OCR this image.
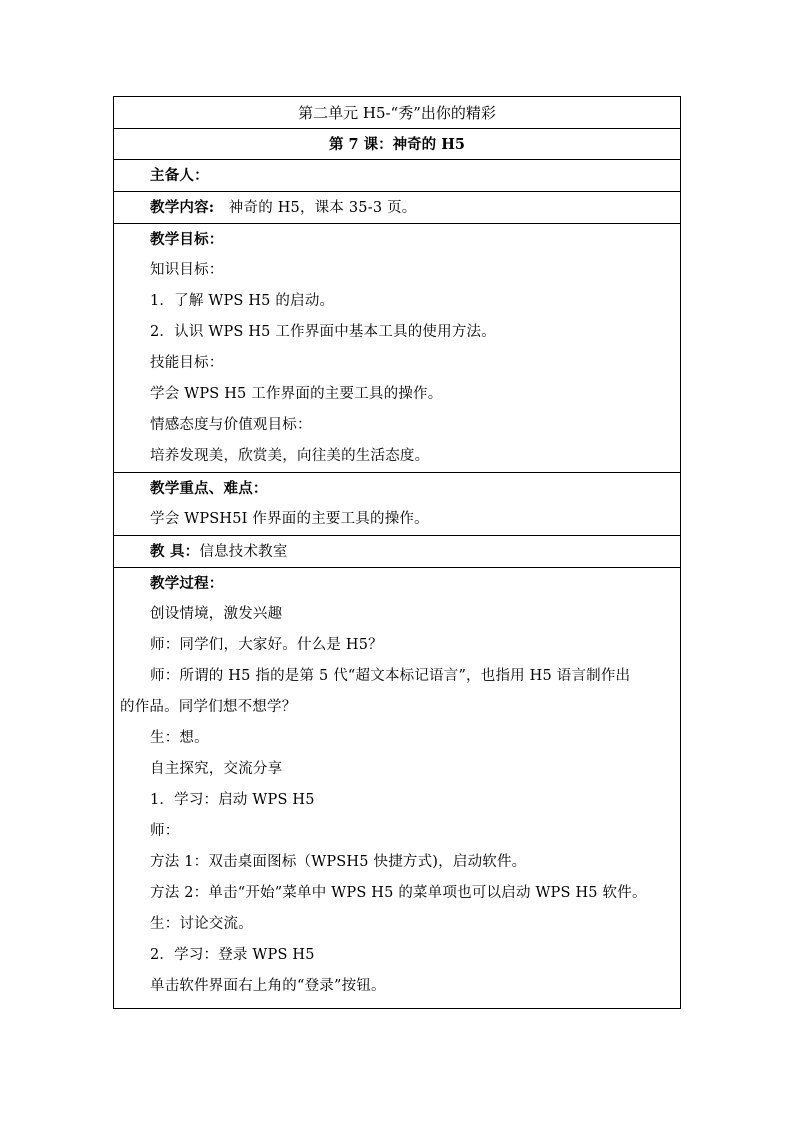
第二单元 H5-“秀”出你的精彩
第 7 课：神奇的 H5
主备人：
教学内容: 神奇的 H5，课本 35-3 页。
教学目标：
知识目标：
1．了解 WPS H5 的启动。
2．认识 WPS H5 工作界面中基本工具的使用方法。
技能目标：
学会 WPS H5 工作界面的主要工具的操作。
情感态度与价值观目标：
培养发现美，欣赏美，向往美的生活态度。
教学重点、难点：
学会 WPSH5I 作界面的主要工具的操作。
教 具：信息技术教室
教学过程：
创设情境，激发兴趣
师：同学们，大家好。什么是 H5？
师：所谓的 H5 指的是第 5 代“超文本标记语言”，也指用 H5 语言制作出
的作品。同学们想不想学？
生：想。
自主探究，交流分享
1．学习：启动 WPS H5
师：
方法 1：双击桌面图标（WPSH5 快捷方式)，启动软件。
方法 2：单击“开始”菜单中 WPS H5 的菜单项也可以启动 WPS H5 软件。
生：讨论交流。
2．学习：登录 WPS H5
单击软件界面右上角的“登录”按钮。
